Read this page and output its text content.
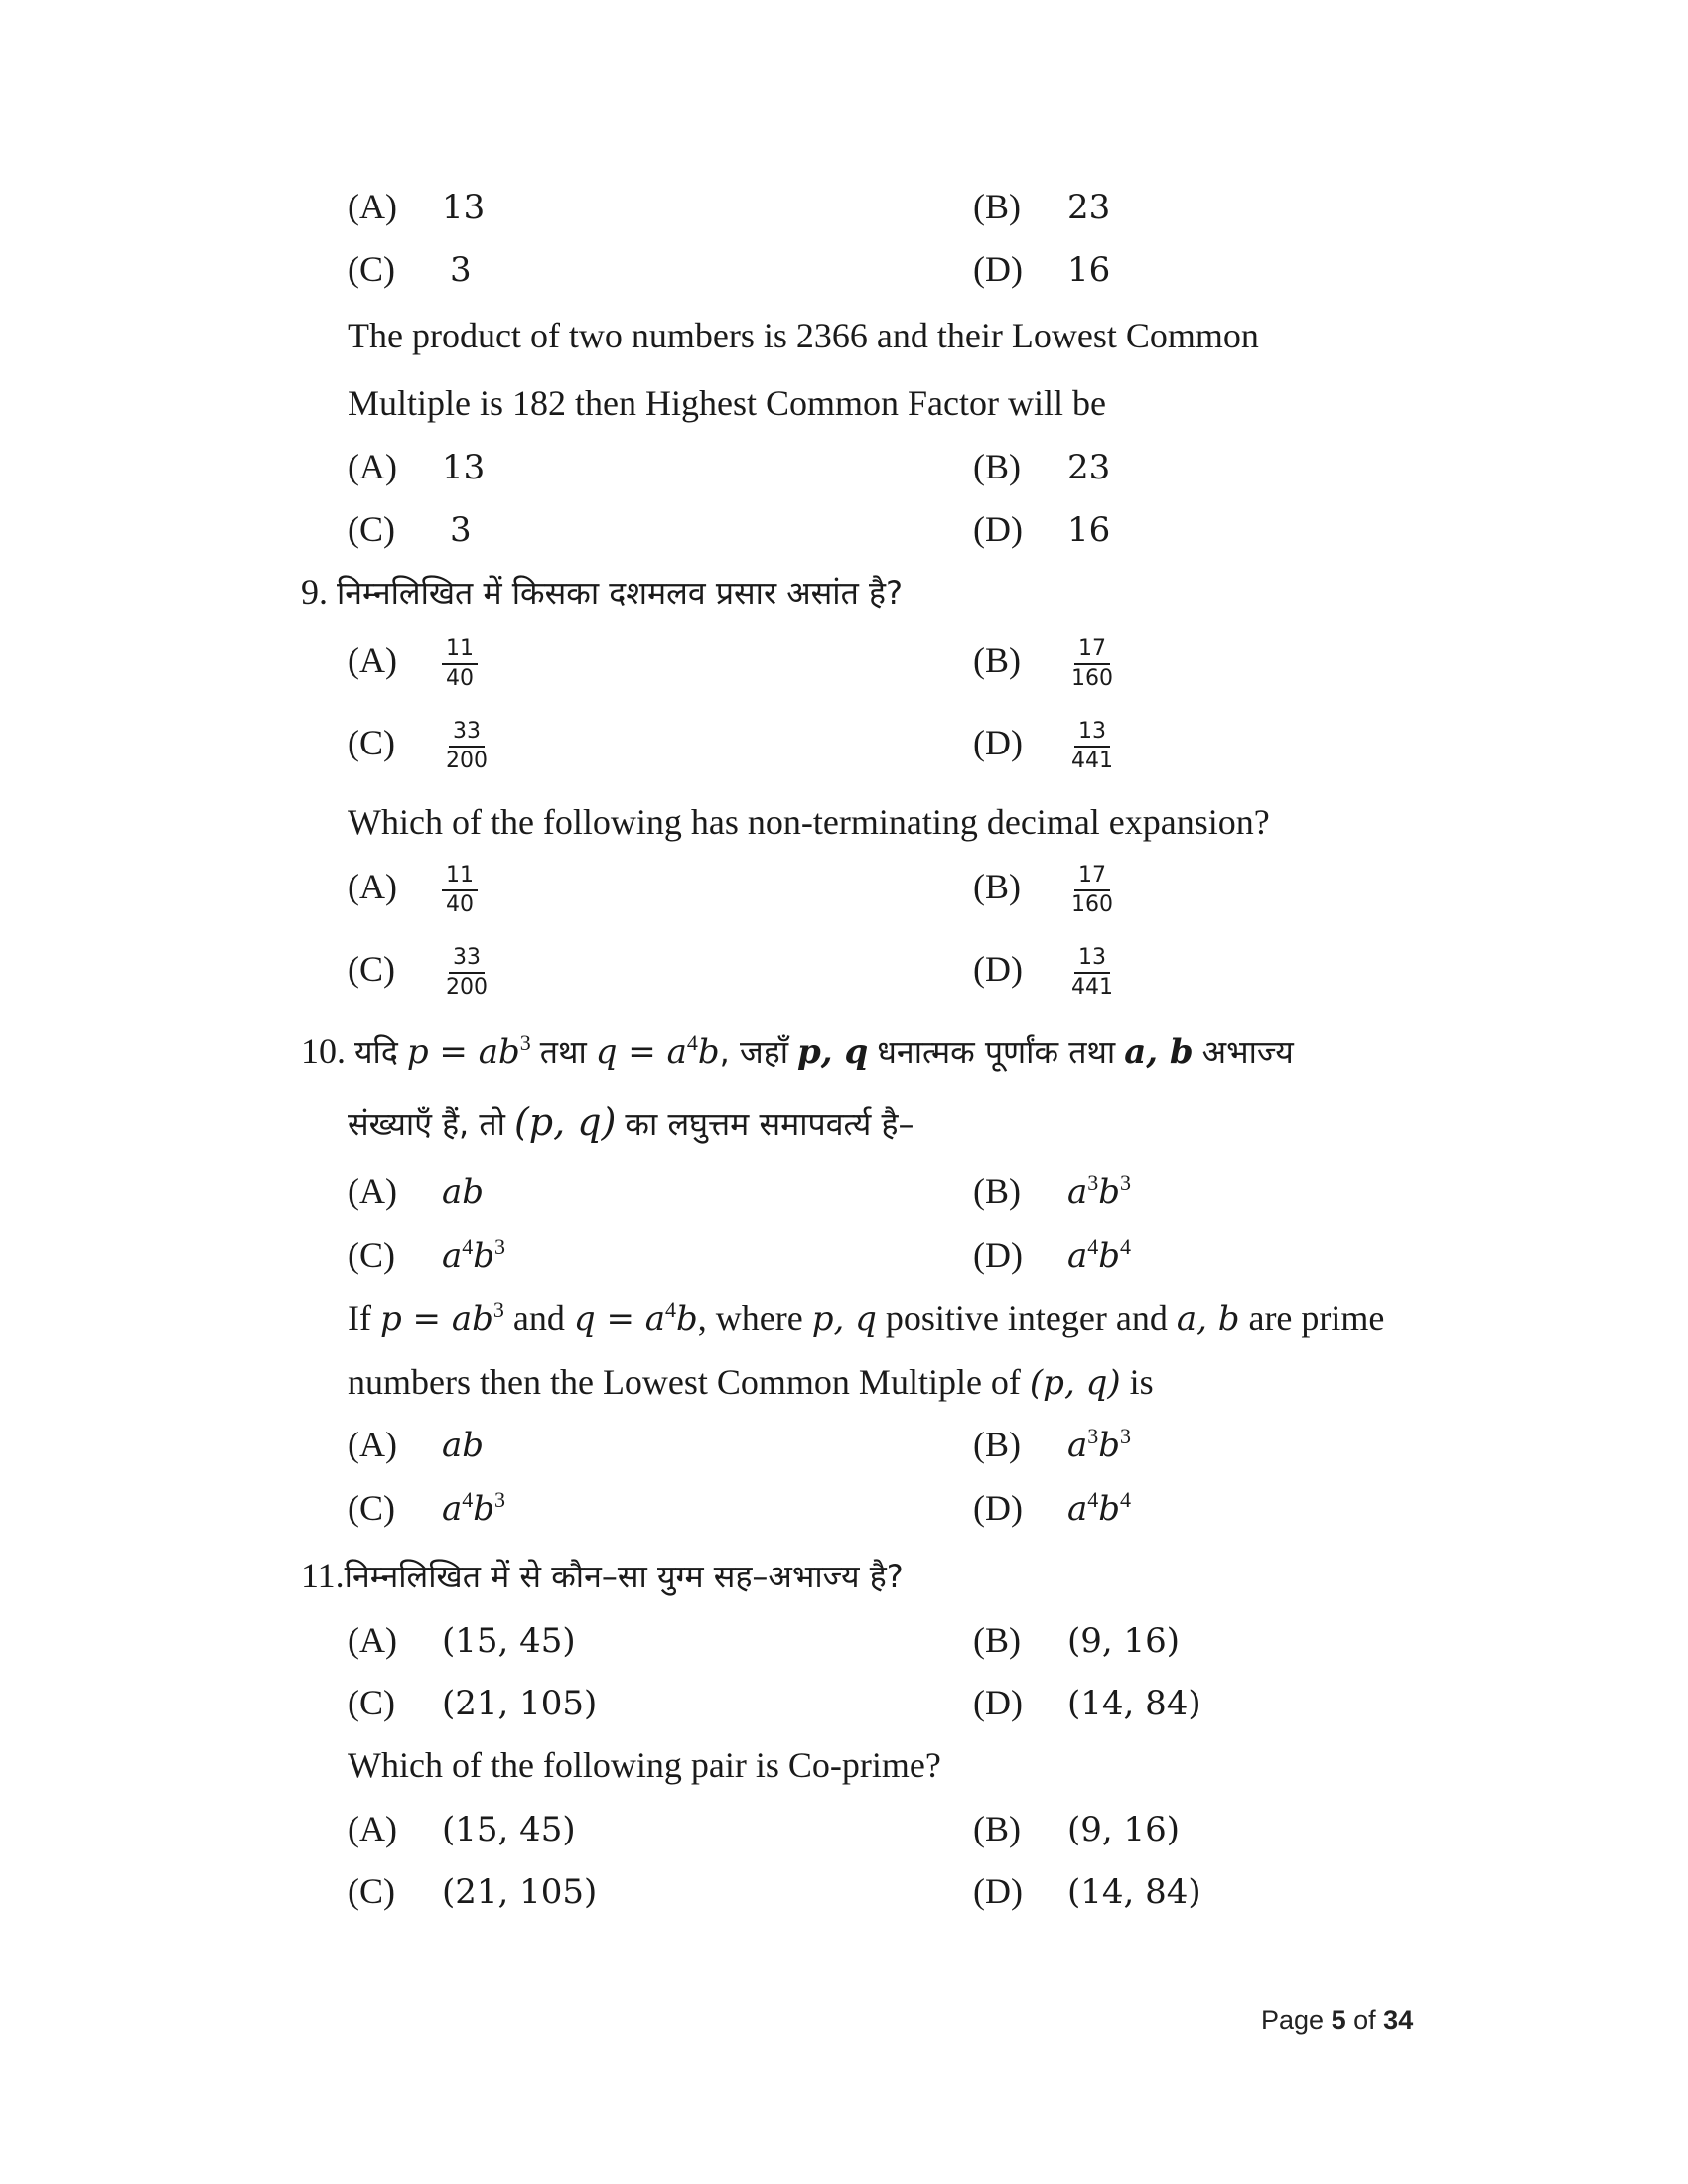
(A) 13	(B) 23
(C) 3	(D) 16
The product of two numbers is 2366 and their Lowest Common
Multiple is 182 then Highest Common Factor will be
(A) 13	(B) 23
(C) 3	(D) 16
9. निम्नलिखित में किसका दशमलव प्रसार असांत है?
$(A) \frac{11}{40}$	$(B) \frac{17}{160}$
$(C) \frac{33}{200}$	$(D) \frac{13}{441}$
Which of the following has non-terminating decimal expansion?
$(A) \frac{11}{40}$	$(B) \frac{17}{160}$
$(C) \frac{33}{200}$	$(D) \frac{13}{441}$
10. यदि $p = ab^3$ तथा $q = a^4b$, जहाँ p, q धनात्मक पूर्णांक तथा a, b अभाज्य
संख्याएँ हैं, तो (p, q) का लघुत्तम समापवर्त्य है–
(A) ab	(B) $a^3b^3$
(C) $a^4b^3$	(D) $a^4b^4$
If $p = ab^3$ and $q = a^4b$, where p, q positive integer and a, b are prime
numbers then the Lowest Common Multiple of (p, q) is
(A) ab	(B) $a^3b^3$
(C) $a^4b^3$	(D) $a^4b^4$
11.निम्नलिखित में से कौन–सा युग्म सह–अभाज्य है?
(A) (15, 45)	(B) (9, 16)
(C) (21, 105)	(D) (14, 84)
Which of the following pair is Co-prime?
(A) (15, 45)	(B) (9, 16)
(C) (21, 105)	(D) (14, 84)
Page 5 of 34
